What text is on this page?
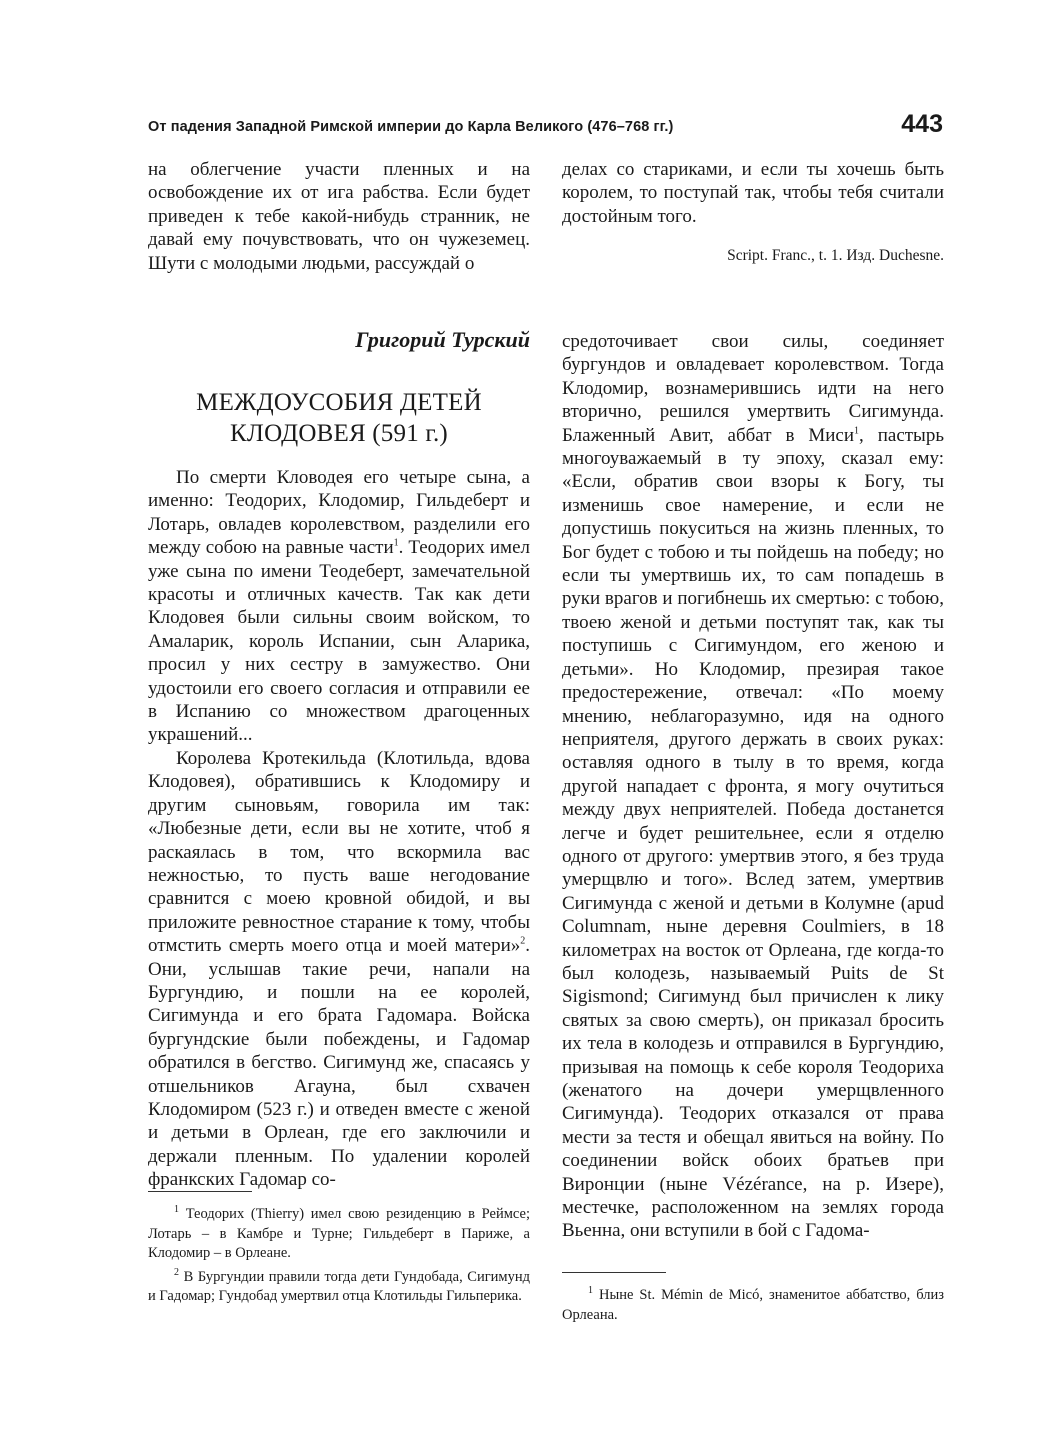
От падения Западной Римской империи до Карла Великого (476–768 гг.)	443

на облегчение участи пленных и на освобождение их от ига рабства. Если будет приведен к тебе какой-нибудь странник, не давай ему почувствовать, что он чужеземец. Шути с молодыми людьми, рассуждай о

делах со стариками, и если ты хочешь быть королем, то поступай так, чтобы тебя считали достойным того.

Script. Franc., t. 1. Изд. Duchesne.

Григорий Турский
МЕЖДОУСОБИЯ ДЕТЕЙ
КЛОДОВЕЯ (591 г.)

По смерти Кловодея его четыре сына, а именно: Теодорих, Клодомир, Гильдеберт и Лотарь, овладев королевством, разделили его между собою на равные части$^1$. Теодорих имел уже сына по имени Теодеберт, замечательной красоты и отличных качеств. Так как дети Клодовея были сильны своим войском, то Амаларик, король Испании, сын Аларика, просил у них сестру в замужество. Они удостоили его своего согласия и отправили ее в Испанию со множеством драгоценных украшений...

Королева Кротекильда (Клотильда, вдова Клодовея), обратившись к Клодомиру и другим сыновьям, говорила им так: «Любезные дети, если вы не хотите, чтоб я раскаялась в том, что вскормила вас нежностью, то пусть ваше негодование сравнится с моею кровной обидой, и вы приложите ревностное старание к тому, чтобы отмстить смерть моего отца и моей матери»$^2$. Они, услышав такие речи, напали на Бургундию, и пошли на ее королей, Сигимунда и его брата Гадомара. Войска бургундские были побеждены, и Гадомар обратился в бегство. Сигимунд же, спасаясь у отшельников Агауна, был схвачен Клодомиром (523 г.) и отведен вместе с женой и детьми в Орлеан, где его заключили и держали пленным. По удалении королей франкских Гадомар со-

средоточивает свои силы, соединяет бургундов и овладевает королевством. Тогда Клодомир, вознамерившись идти на него вторично, решился умертвить Сигимунда. Блаженный Авит, аббат в Миси$^1$, пастырь многоуважаемый в ту эпоху, сказал ему: «Если, обратив свои взоры к Богу, ты изменишь свое намерение, и если не допустишь покуситься на жизнь пленных, то Бог будет с тобою и ты пойдешь на победу; но если ты умертвишь их, то сам попадешь в руки врагов и погибнешь их смертью: с тобою, твоею женой и детьми поступят так, как ты поступишь с Сигимундом, его женою и детьми». Но Клодомир, презирая такое предостережение, отвечал: «По моему мнению, неблагоразумно, идя на одного неприятеля, другого держать в своих руках: оставляя одного в тылу в то время, когда другой нападает с фронта, я могу очутиться между двух неприятелей. Победа достанется легче и будет решительнее, если я отделю одного от другого: умертвив этого, я без труда умерщвлю и того». Вслед затем, умертвив Сигимунда с женой и детьми в Колумне (apud Columnam, ныне деревня Coulmiers, в 18 километрах на восток от Орлеана, где когда-то был колодезь, называемый Puits de St Sigismond; Сигимунд был причислен к лику святых за свою смерть), он приказал бросить их тела в колодезь и отправился в Бургундию, призывая на помощь к себе короля Теодориха (женатого на дочери умерщвленного Сигимунда). Теодорих отказался от права мести за тестя и обещал явиться на войну. По соединении войск обоих братьев при Виронции (ныне Vézérance, на р. Изере), местечке, расположенном на землях города Вьенна, они вступили в бой с Гадома-

$^1$ Теодорих (Thierry) имел свою резиденцию в Реймсе; Лотарь – в Камбре и Турне; Гильдеберт в Париже, а Клодомир – в Орлеане.

$^2$ В Бургундии правили тогда дети Гундобада, Сигимунд и Гадомар; Гундобад умертвил отца Клотильды Гильперика.	$^1$ Ныне St. Mémin de Micó, знаменитое аббатство, близ Орлеана.
